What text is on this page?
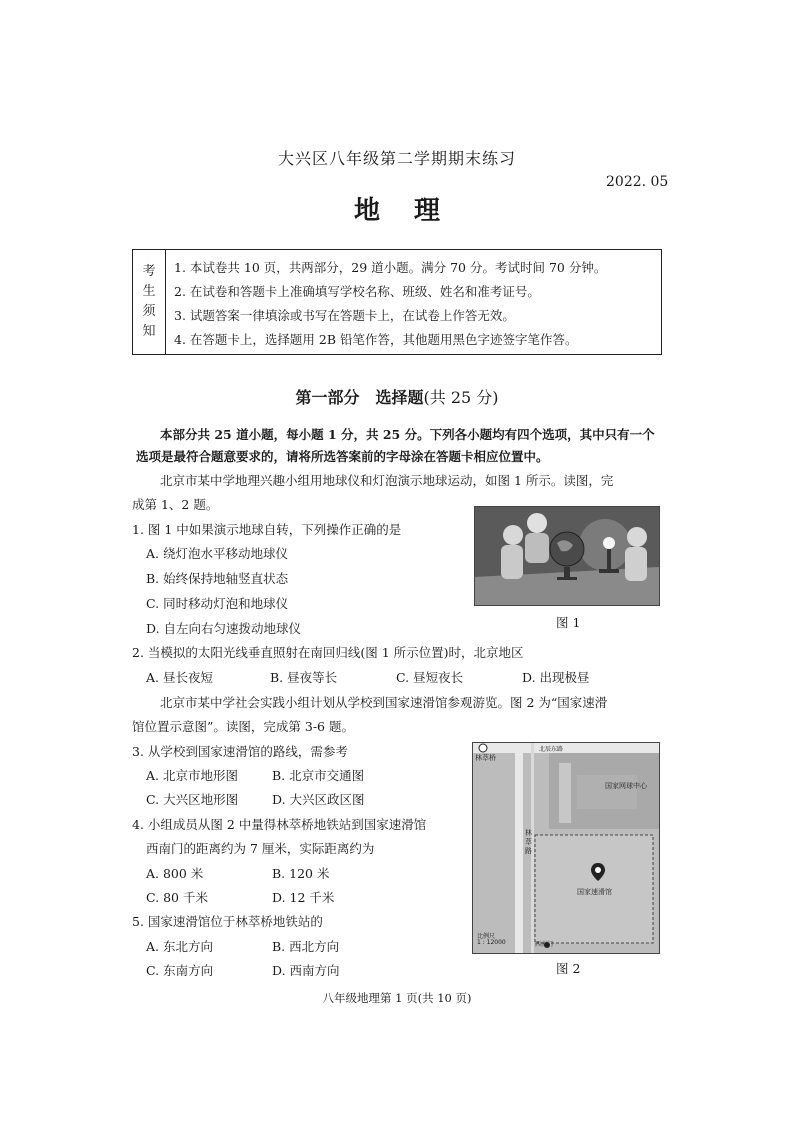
大兴区八年级第二学期期末练习
2022. 05
地理
考
生
须
知
1. 本试卷共 10 页，共两部分，29 道小题。满分 70 分。考试时间 70 分钟。
2. 在试卷和答题卡上准确填写学校名称、班级、姓名和准考证号。
3. 试题答案一律填涂或书写在答题卡上，在试卷上作答无效。
4. 在答题卡上，选择题用 2B 铅笔作答，其他题用黑色字迹签字笔作答。
第一部分　选择题(共 25 分)
本部分共 25 道小题，每小题 1 分，共 25 分。下列各小题均有四个选项，其中只有一个选项是最符合题意要求的，请将所选答案前的字母涂在答题卡相应位置中。
北京市某中学地理兴趣小组用地球仪和灯泡演示地球运动，如图 1 所示。读图，完
成第 1、2 题。
1. 图 1 中如果演示地球自转，下列操作正确的是
A. 绕灯泡水平移动地球仪
B. 始终保持地轴竖直状态
C. 同时移动灯泡和地球仪
D. 自左向右匀速拨动地球仪	图 1
2. 当模拟的太阳光线垂直照射在南回归线(图 1 所示位置)时，北京地区
A. 昼长夜短	B. 昼夜等长	C. 昼短夜长	D. 出现极昼
北京市某中学社会实践小组计划从学校到国家速滑馆参观游览。图 2 为“国家速滑
馆位置示意图”。读图，完成第 3-6 题。
3. 从学校到国家速滑馆的路线，需参考
A. 北京市地形图	B. 北京市交通图
C. 大兴区地形图	D. 大兴区政区图
4. 小组成员从图 2 中量得林萃桥地铁站到国家速滑馆
西南门的距离约为 7 厘米，实际距离约为
A. 800 米	B. 120 米
C. 80 千米	D. 12 千米
5. 国家速滑馆位于林萃桥地铁站的
A. 东北方向	B. 西北方向
C. 东南方向	D. 西南方向
林萃桥
北辰东路
国家网球中心
林
萃
路
国家速滑馆
比例尺
1 : 12000	西南门
图 2
八年级地理第 1 页(共 10 页)
